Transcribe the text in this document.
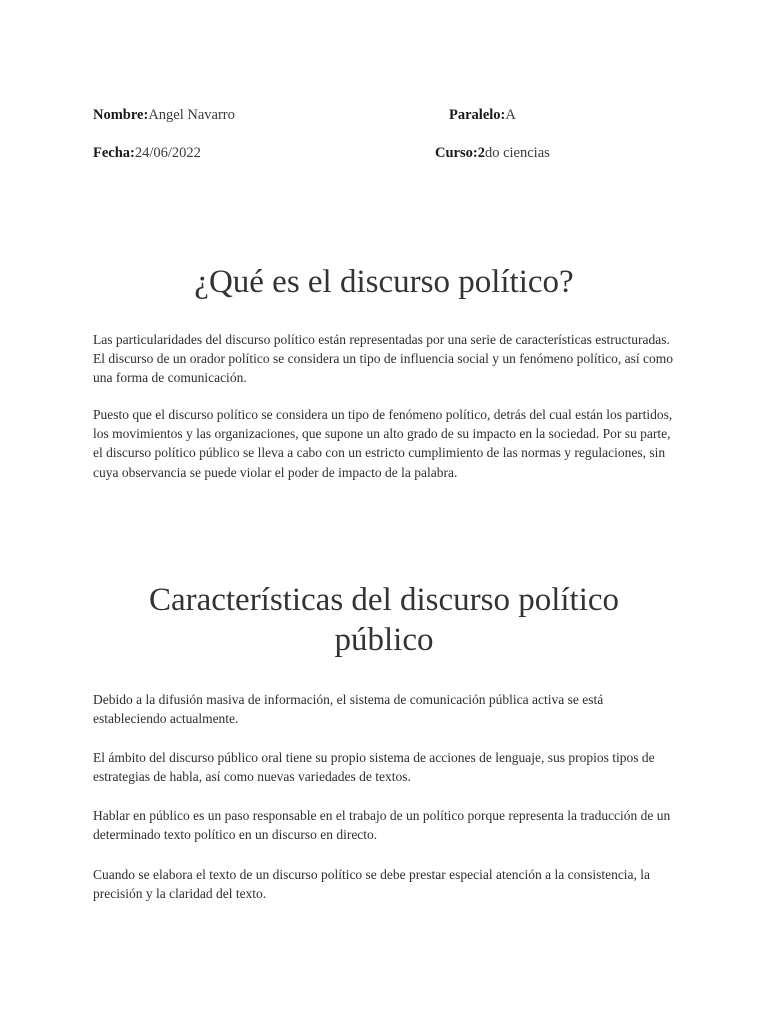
Nombre:Angel Navarro	Paralelo:A
Fecha:24/06/2022	Curso:2do ciencias
¿Qué es el discurso político?

Las particularidades del discurso político están representadas por una serie de características estructuradas. El discurso de un orador político se considera un tipo de influencia social y un fenómeno político, así como una forma de comunicación.

Puesto que el discurso político se considera un tipo de fenómeno político, detrás del cual están los partidos, los movimientos y las organizaciones, que supone un alto grado de su impacto en la sociedad. Por su parte, el discurso político público se lleva a cabo con un estricto cumplimiento de las normas y regulaciones, sin cuya observancia se puede violar el poder de impacto de la palabra.

Características del discurso político público

Debido a la difusión masiva de información, el sistema de comunicación pública activa se está estableciendo actualmente.

El ámbito del discurso público oral tiene su propio sistema de acciones de lenguaje, sus propios tipos de estrategias de habla, así como nuevas variedades de textos.

Hablar en público es un paso responsable en el trabajo de un político porque representa la traducción de un determinado texto político en un discurso en directo.

Cuando se elabora el texto de un discurso político se debe prestar especial atención a la consistencia, la precisión y la claridad del texto.
